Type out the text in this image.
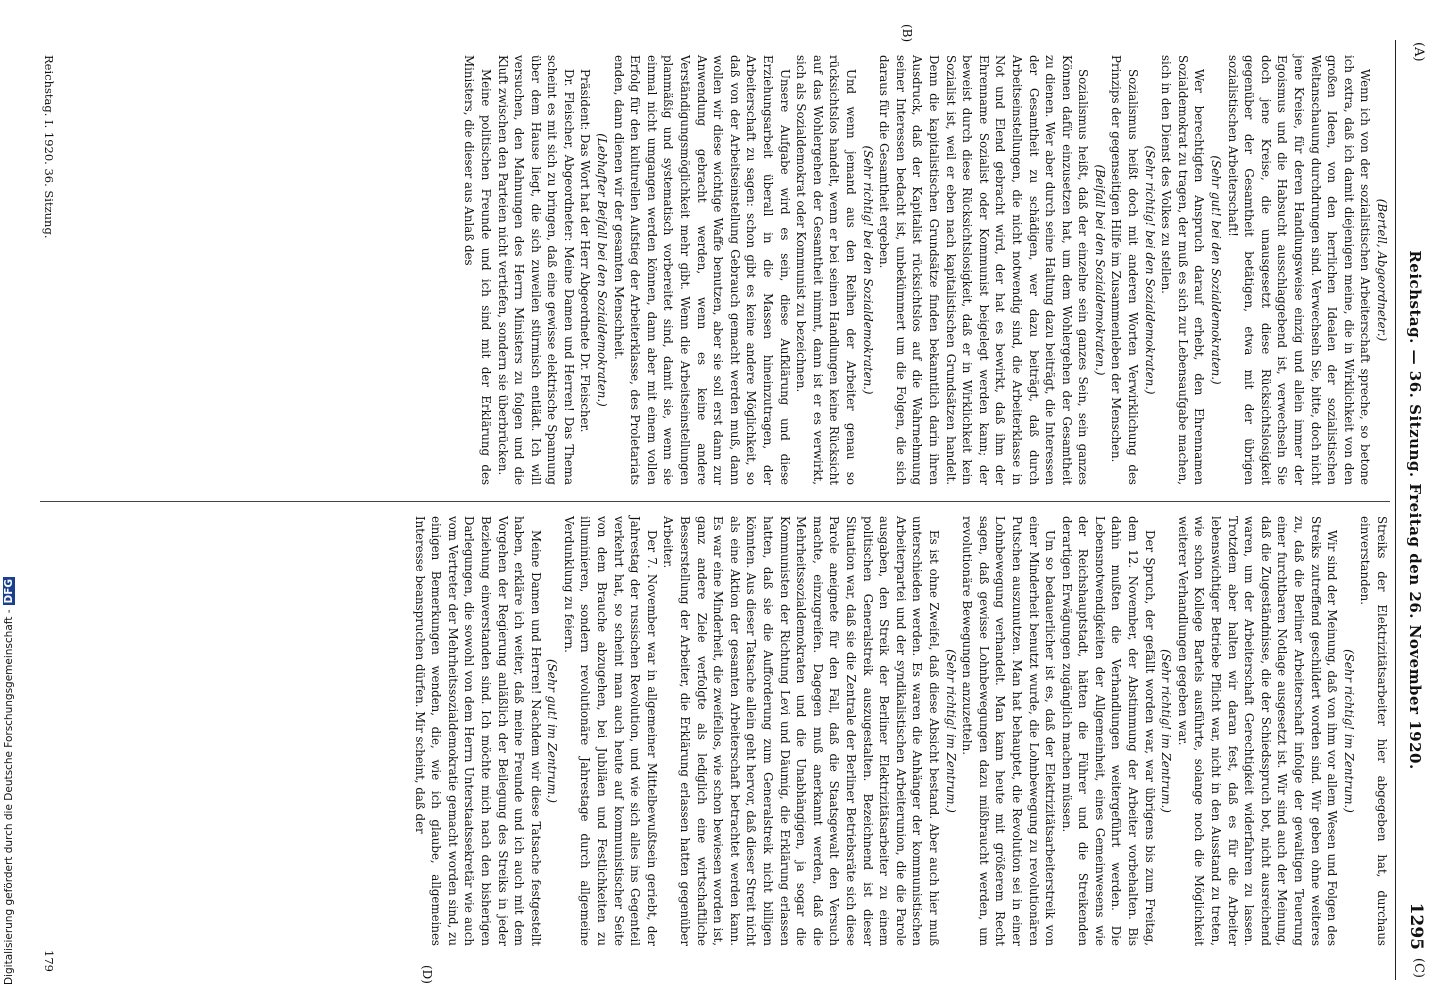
(A)
Reichstag. — 36. Sitzung. Freitag den 26. November 1920.
1295
(C)

(Bertell, Abgeordneter.)

Wenn ich von der sozialistischen Arbeiterschaft spreche, so betone ich extra, daß ich damit diejenigen meine, die in Wirklichkeit von den großen Ideen, von den herrlichen Idealen der sozialistischen Weltanschauung durchdrungen sind. Verwechseln Sie, bitte, doch nicht jene Kreise, für deren Handlungsweise einzig und allein immer der Egoismus und die Habsucht ausschlaggebend ist, verwechseln Sie doch jene Kreise, die unausgesetzt diese Rücksichtslosigkeit gegenüber der Gesamtheit betätigen, etwa mit der übrigen sozialistischen Arbeiterschaft!

(Sehr gut! bei den Sozialdemokraten.)

Wer berechtigten Anspruch darauf erhebt, den Ehrennamen Sozialdemokrat zu tragen, der muß es sich zur Lebensaufgabe machen, sich in den Dienst des Volkes zu stellen.

(Sehr richtig! bei den Sozialdemokraten.)

Sozialismus heißt doch mit anderen Worten Verwirklichung des Prinzips der gegenseitigen Hilfe im Zusammenleben der Menschen.

(Beifall bei den Sozialdemokraten.)

Sozialismus heißt, daß der einzelne sein ganzes Sein, sein ganzes Können dafür einzusetzen hat, um dem Wohlergehen der Gesamtheit zu dienen. Wer aber durch seine Haltung dazu beiträgt, die Interessen der Gesamtheit zu schädigen, wer dazu beiträgt, daß durch Arbeitseinstellungen, die nicht notwendig sind, die Arbeiterklasse in Not und Elend gebracht wird, der hat es bewirkt, daß ihm der Ehrenname Sozialist oder Kommunist beigelegt werden kann; der beweist durch diese Rücksichtslosigkeit, daß er in Wirklichkeit kein Sozialist ist, weil er eben nach kapitalistischen Grundsätzen handelt. Denn die kapitalistischen Grundsätze finden bekanntlich darin ihren Ausdruck, daß der Kapitalist rücksichtslos auf die Wahrnehmung seiner Interessen bedacht ist, unbekümmert um die Folgen, die sich daraus für die Gesamtheit ergeben.

(Sehr richtig! bei den Sozialdemokraten.)

Und wenn jemand aus den Reihen der Arbeiter genau so rücksichtslos handelt, wenn er bei seinen Handlungen keine Rücksicht auf das Wohlergehen der Gesamtheit nimmt, dann ist er es verwirkt, sich als Sozialdemokrat oder Kommunist zu bezeichnen.

Unsere Aufgabe wird es sein, diese Aufklärung und diese Erziehungsarbeit überall in die Massen hineinzutragen, der Arbeiterschaft zu sagen: schon gibt es keine andere Möglichkeit, so daß von der Arbeitseinstellung Gebrauch gemacht werden muß, dann wollen wir diese wichtige Waffe benutzen, aber sie soll erst dann zur Anwendung gebracht werden, wenn es keine andere Verständigungsmöglichkeit mehr gibt. Wenn die Arbeitseinstellungen planmäßig und systematisch vorbereitet sind, damit sie, wenn sie einmal nicht umgangen werden können, dann aber mit einem vollen Erfolg für den kulturellen Aufstieg der Arbeiterklasse, des Proletariats enden, dann dienen wir der gesamten Menschheit.

(Lebhafter Beifall bei den Sozialdemokraten.)

Präsident: Das Wort hat der Herr Abgeordnete Dr. Fleischer.

Dr. Fleischer, Abgeordneter: Meine Damen und Herren! Das Thema scheint es mit sich zu bringen, daß eine gewisse elektrische Spannung über dem Hause liegt, die sich zuweilen stürmisch entlädt. Ich will versuchen, den Mahnungen des Herrn Ministers zu folgen und die Kluft zwischen den Parteien nicht vertiefen, sondern sie überbrücken.

Meine politischen Freunde und ich sind mit der Erklärung des Ministers, die dieser aus Anlaß des

(B)

Streiks der Elektrizitätsarbeiter hier abgegeben hat, durchaus einverstanden.

(Sehr richtig! im Zentrum.)

Wir sind der Meinung, daß von ihm vor allem Wesen und Folgen des Streiks zutreffend geschildert worden sind. Wir geben ohne weiteres zu, daß die Berliner Arbeiterschaft infolge der gewaltigen Teuerung einer furchtbaren Notlage ausgesetzt ist. Wir sind auch der Meinung, daß die Zugeständnisse, die der Schiedsspruch bot, nicht ausreichend waren, um der Arbeiterschaft Gerechtigkeit widerfahren zu lassen. Trotzdem aber halten wir daran fest, daß es für die Arbeiter lebenswichtiger Betriebe Pflicht war, nicht in den Ausstand zu treten, wie schon Kollege Bartels ausführte, solange noch die Möglichkeit weiterer Verhandlungen gegeben war.

(Sehr richtig! im Zentrum.)

Der Spruch, der gefällt worden war, war übrigens bis zum Freitag, dem 12. November, der Abstimmung der Arbeiter vorbehalten. Bis dahin mußten die Verhandlungen weitergeführt werden. Die Lebensnotwendigkeiten der Allgemeinheit, eines Gemeinwesens wie der Reichshauptstadt, hätten die Führer und die Streikenden derartigen Erwägungen zugänglich machen müssen.

Um so bedauerlicher ist es, daß der Elektrizitätsarbeiterstreik von einer Minderheit benutzt wurde, die Lohnbewegung zu revolutionären Putschen auszunutzen. Man hat behauptet, die Revolution sei in einer Lohnbewegung verhandelt. Man kann heute mit größerem Recht sagen, daß gewisse Lohnbewegungen dazu mißbraucht werden, um revolutionäre Bewegungen anzuzetteln.

(Sehr richtig! im Zentrum.)

Es ist ohne Zweifel, daß diese Absicht bestand. Aber auch hier muß unterschieden werden. Es waren die Anhänger der kommunistischen Arbeiterpartei und der syndikalistischen Arbeiterunion, die die Parole ausgaben, den Streik der Berliner Elektrizitätsarbeiter zu einem politischen Generalstreik auszugestalten. Bezeichnend ist dieser Situation war, daß sie die Zentrale der Berliner Betriebsräte sich diese Parole aneignete für den Fall, daß die Staatsgewalt den Versuch machte, einzugreifen. Dagegen muß anerkannt werden, daß die Mehrheitssozialdemokraten und die Unabhängigen, ja sogar die Kommunisten der Richtung Levi und Däumig, die Erklärung erlassen hatten, daß sie die Aufforderung zum Generalstreik nicht billigen könnten. Aus dieser Tatsache allein geht hervor, daß dieser Streit nicht als eine Aktion der gesamten Arbeiterschaft betrachtet werden kann. Es war eine Minderheit, die zweifellos, wie schon bewiesen worden ist, ganz andere Ziele verfolgte als lediglich eine wirtschaftliche Besserstellung der Arbeiter, die Erklärung erlassen hatten gegenüber Arbeiter.

Der 7. November war in allgemeiner Mittelbewußtsein geriebt, der Jahrestag der russischen Revolution, und wie sich alles ins Gegenteil verkehrt hat, so scheint man auch heute auf kommunistischer Seite von dem Brauche abzugehen, bei Jubiläen und Festlichkeiten zu illuminieren, sondern revolutionäre Jahrestage durch allgemeine Verdunklung zu feiern.

(Sehr gut! im Zentrum.)

Meine Damen und Herren! Nachdem wir diese Tatsache festgestellt haben, erkläre ich weiter, daß meine Freunde und ich auch mit dem Vorgehen der Regierung anläßlich der Beilegung des Streiks in jeder Beziehung einverstanden sind. Ich möchte mich nach den bisherigen Darlegungen, die sowohl von dem Herrn Unterstaatssekretär wie auch vom Vertreter der Mehrheitssozialdemokratie gemacht worden sind, zu einigen Bemerkungen wenden, die, wie ich glaube, allgemeines Interesse beanspruchen dürfen. Mir scheint, daß der

(D)
Reichstag. I. 1920. 36. Sitzung.
179
Digitalisierung gefördert durch die Deutsche Forschungsgemeinschaft -DFG
